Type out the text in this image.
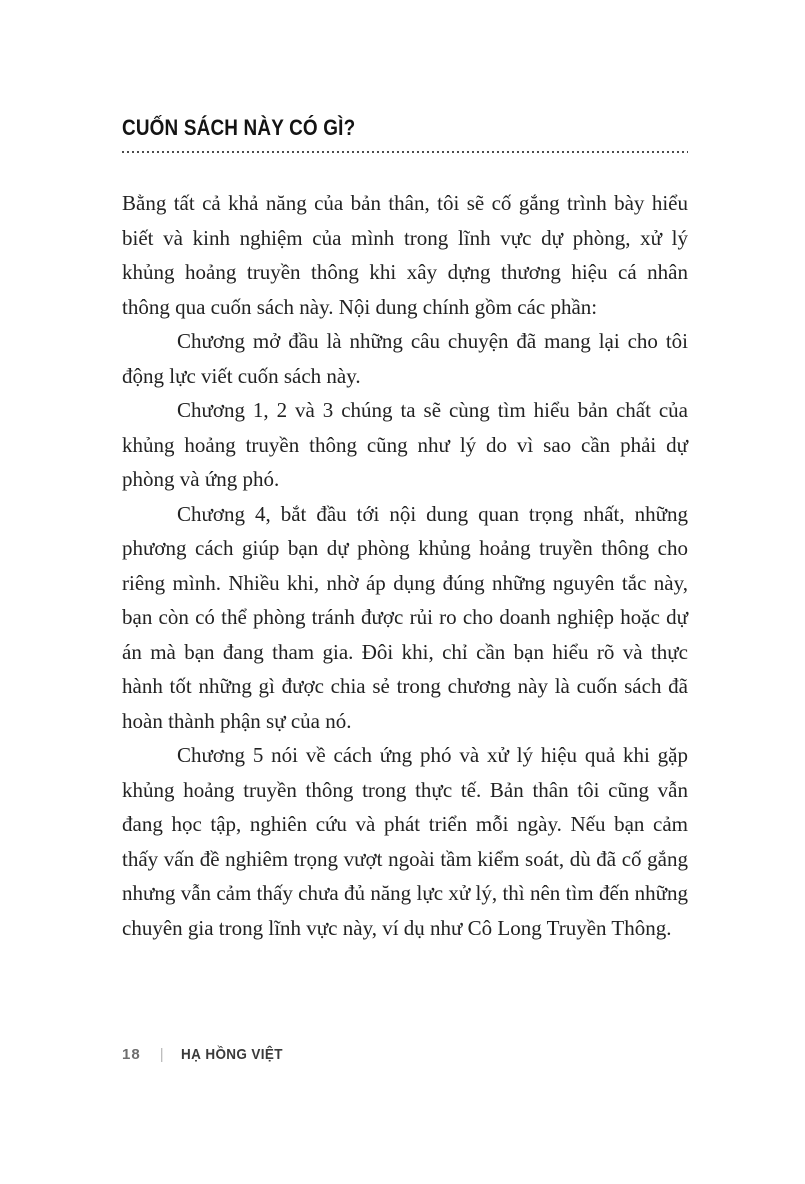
CUỐN SÁCH NÀY CÓ GÌ?

Bằng tất cả khả năng của bản thân, tôi sẽ cố gắng trình bày hiểu biết và kinh nghiệm của mình trong lĩnh vực dự phòng, xử lý khủng hoảng truyền thông khi xây dựng thương hiệu cá nhân thông qua cuốn sách này. Nội dung chính gồm các phần:

Chương mở đầu là những câu chuyện đã mang lại cho tôi động lực viết cuốn sách này.

Chương 1, 2 và 3 chúng ta sẽ cùng tìm hiểu bản chất của khủng hoảng truyền thông cũng như lý do vì sao cần phải dự phòng và ứng phó.

Chương 4, bắt đầu tới nội dung quan trọng nhất, những phương cách giúp bạn dự phòng khủng hoảng truyền thông cho riêng mình. Nhiều khi, nhờ áp dụng đúng những nguyên tắc này, bạn còn có thể phòng tránh được rủi ro cho doanh nghiệp hoặc dự án mà bạn đang tham gia. Đôi khi, chỉ cần bạn hiểu rõ và thực hành tốt những gì được chia sẻ trong chương này là cuốn sách đã hoàn thành phận sự của nó.

Chương 5 nói về cách ứng phó và xử lý hiệu quả khi gặp khủng hoảng truyền thông trong thực tế. Bản thân tôi cũng vẫn đang học tập, nghiên cứu và phát triển mỗi ngày. Nếu bạn cảm thấy vấn đề nghiêm trọng vượt ngoài tầm kiểm soát, dù đã cố gắng nhưng vẫn cảm thấy chưa đủ năng lực xử lý, thì nên tìm đến những chuyên gia trong lĩnh vực này, ví dụ như Cô Long Truyền Thông.

18 | HẠ HỒNG VIỆT
